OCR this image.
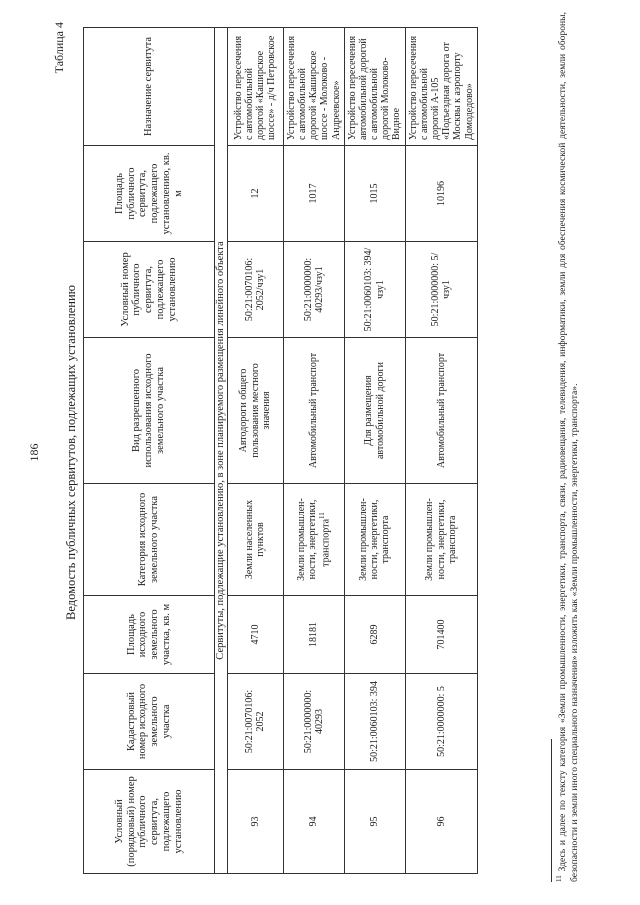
186
Таблица 4
Ведомость публичных сервитутов, подлежащих установлению
Условный (порядковый) номер публичного сервитута, подлежащего установлению	Кадастровый номер исходного земельного участка	Площадь исходного земельного участка, кв. м	Категория исходного земельного участка	Вид разрешенного использования исходного земельного участка	Условный номер публичного сервитута, подлежащего установлению	Площадь публичного сервитута, подлежащего установлению, кв. м	Назначение сервитута
Сервитуты, подлежащие установлению, в зоне планируемого размещения линейного объекта							
93	50:21:0070106: 2052	4710	Земли населенных пунктов	Автодороги общего пользования местного значения	50:21:0070106: 2052/чзу1	12	Устройство пересечения с автомобильной дорогой «Каширское шоссе» - д/ч Петровское
94	50:21:0000000: 40293	18181	Земли промышлен-ности, энергетики, транспорта$^{11}$	Автомобильный транспорт	50:21:0000000: 40293/чзу1	1017	Устройство пересечения с автомобильной дорогой «Каширское шоссе - Молоково - Андреевское»
95	50:21:0060103: 394	6289	Земли промышлен-ности, энергетики, транспорта	Для размещения автомобильной дороги	50:21:0060103: 394/чзу1	1015	Устройство пересечения автомобильной дорогой с автомобильной дорогой Молоково-Видное
96	50:21:0000000: 5	701400	Земли промышлен-ности, энергетики, транспорта	Автомобильный транспорт	50:21:0000000: 5/чзу1	10196	Устройство пересечения с автомобильной дорогой А-105 «Подъездная дорога от Москвы к аэропорту Домодедово»
$^{11}$ Здесь и далее по тексту категория «Земли промышленности, энергетики, транспорта, связи, радиовещания, телевидения, информатики, земли для обеспечения космической деятельности, земли обороны, безопасности и земли иного специального назначения» изложить как «Земли промышленности, энергетики, транспорта».
